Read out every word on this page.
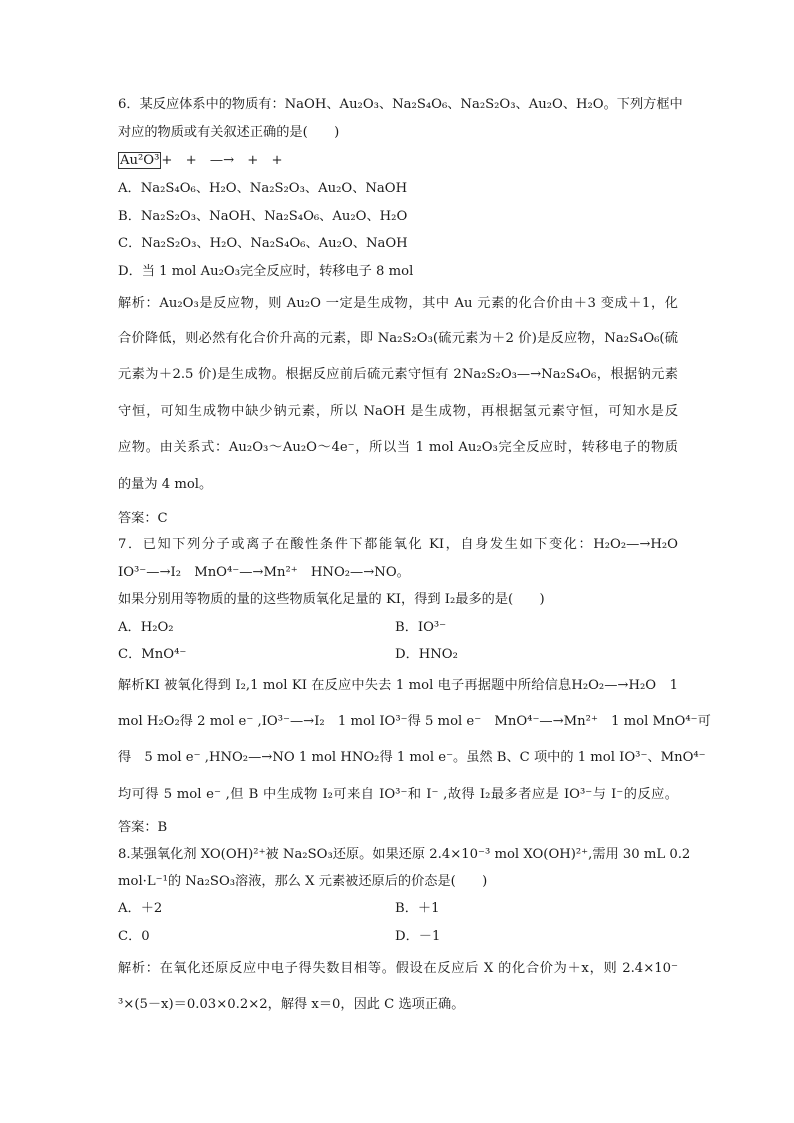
6．某反应体系中的物质有：NaOH、Au₂O₃、Na₂S₄O₆、Na₂S₂O₃、Au₂O、H₂O。下列方框中
对应的物质或有关叙述正确的是(　　)
Au²O³ +　+　—→　+　+
A．Na₂S₄O₆、H₂O、Na₂S₂O₃、Au₂O、NaOH
B．Na₂S₂O₃、NaOH、Na₂S₄O₆、Au₂O、H₂O
C．Na₂S₂O₃、H₂O、Na₂S₄O₆、Au₂O、NaOH
D．当 1 mol Au₂O₃完全反应时，转移电子 8 mol
解析：Au₂O₃是反应物，则 Au₂O 一定是生成物，其中 Au 元素的化合价由＋3 变成＋1，化
合价降低，则必然有化合价升高的元素，即 Na₂S₂O₃(硫元素为＋2 价)是反应物，Na₂S₄O₆(硫
元素为＋2.5 价)是生成物。根据反应前后硫元素守恒有 2Na₂S₂O₃—→Na₂S₄O₆，根据钠元素
守恒，可知生成物中缺少钠元素，所以 NaOH 是生成物，再根据氢元素守恒，可知水是反
应物。由关系式：Au₂O₃～Au₂O～4e⁻，所以当 1 mol Au₂O₃完全反应时，转移电子的物质
的量为 4 mol。
答案：C
7．已知下列分子或离子在酸性条件下都能氧化 KI，自身发生如下变化：H₂O₂—→H₂O
IO³⁻—→I₂　MnO⁴⁻—→Mn²⁺　HNO₂—→NO。
如果分别用等物质的量的这些物质氧化足量的 KI，得到 I₂最多的是(　　)
A．H₂O₂	B．IO³⁻
C．MnO⁴⁻	D．HNO₂
解析KI 被氧化得到 I₂,1 mol KI 在反应中失去 1 mol 电子再据题中所给信息H₂O₂—→H₂O　1
mol H₂O₂得 2 mol e⁻ ,IO³⁻—→I₂　1 mol IO³⁻得 5 mol e⁻　MnO⁴⁻—→Mn²⁺　1 mol MnO⁴⁻可
得　5 mol e⁻ ,HNO₂—→NO 1 mol HNO₂得 1 mol e⁻。虽然 B、C 项中的 1 mol IO³⁻、MnO⁴⁻
均可得 5 mol e⁻ ,但 B 中生成物 I₂可来自 IO³⁻和 I⁻ ,故得 I₂最多者应是 IO³⁻与 I⁻的反应。
答案：B
8.某强氧化剂 XO(OH)²⁺被 Na₂SO₃还原。如果还原 2.4×10⁻³ mol XO(OH)²⁺,需用 30 mL 0.2
mol·L⁻¹的 Na₂SO₃溶液，那么 X 元素被还原后的价态是(　　)
A．＋2	B．＋1
C．0	D．－1
解析：在氧化还原反应中电子得失数目相等。假设在反应后 X 的化合价为＋x，则 2.4×10⁻
³×(5－x)＝0.03×0.2×2，解得 x＝0，因此 C 选项正确。
